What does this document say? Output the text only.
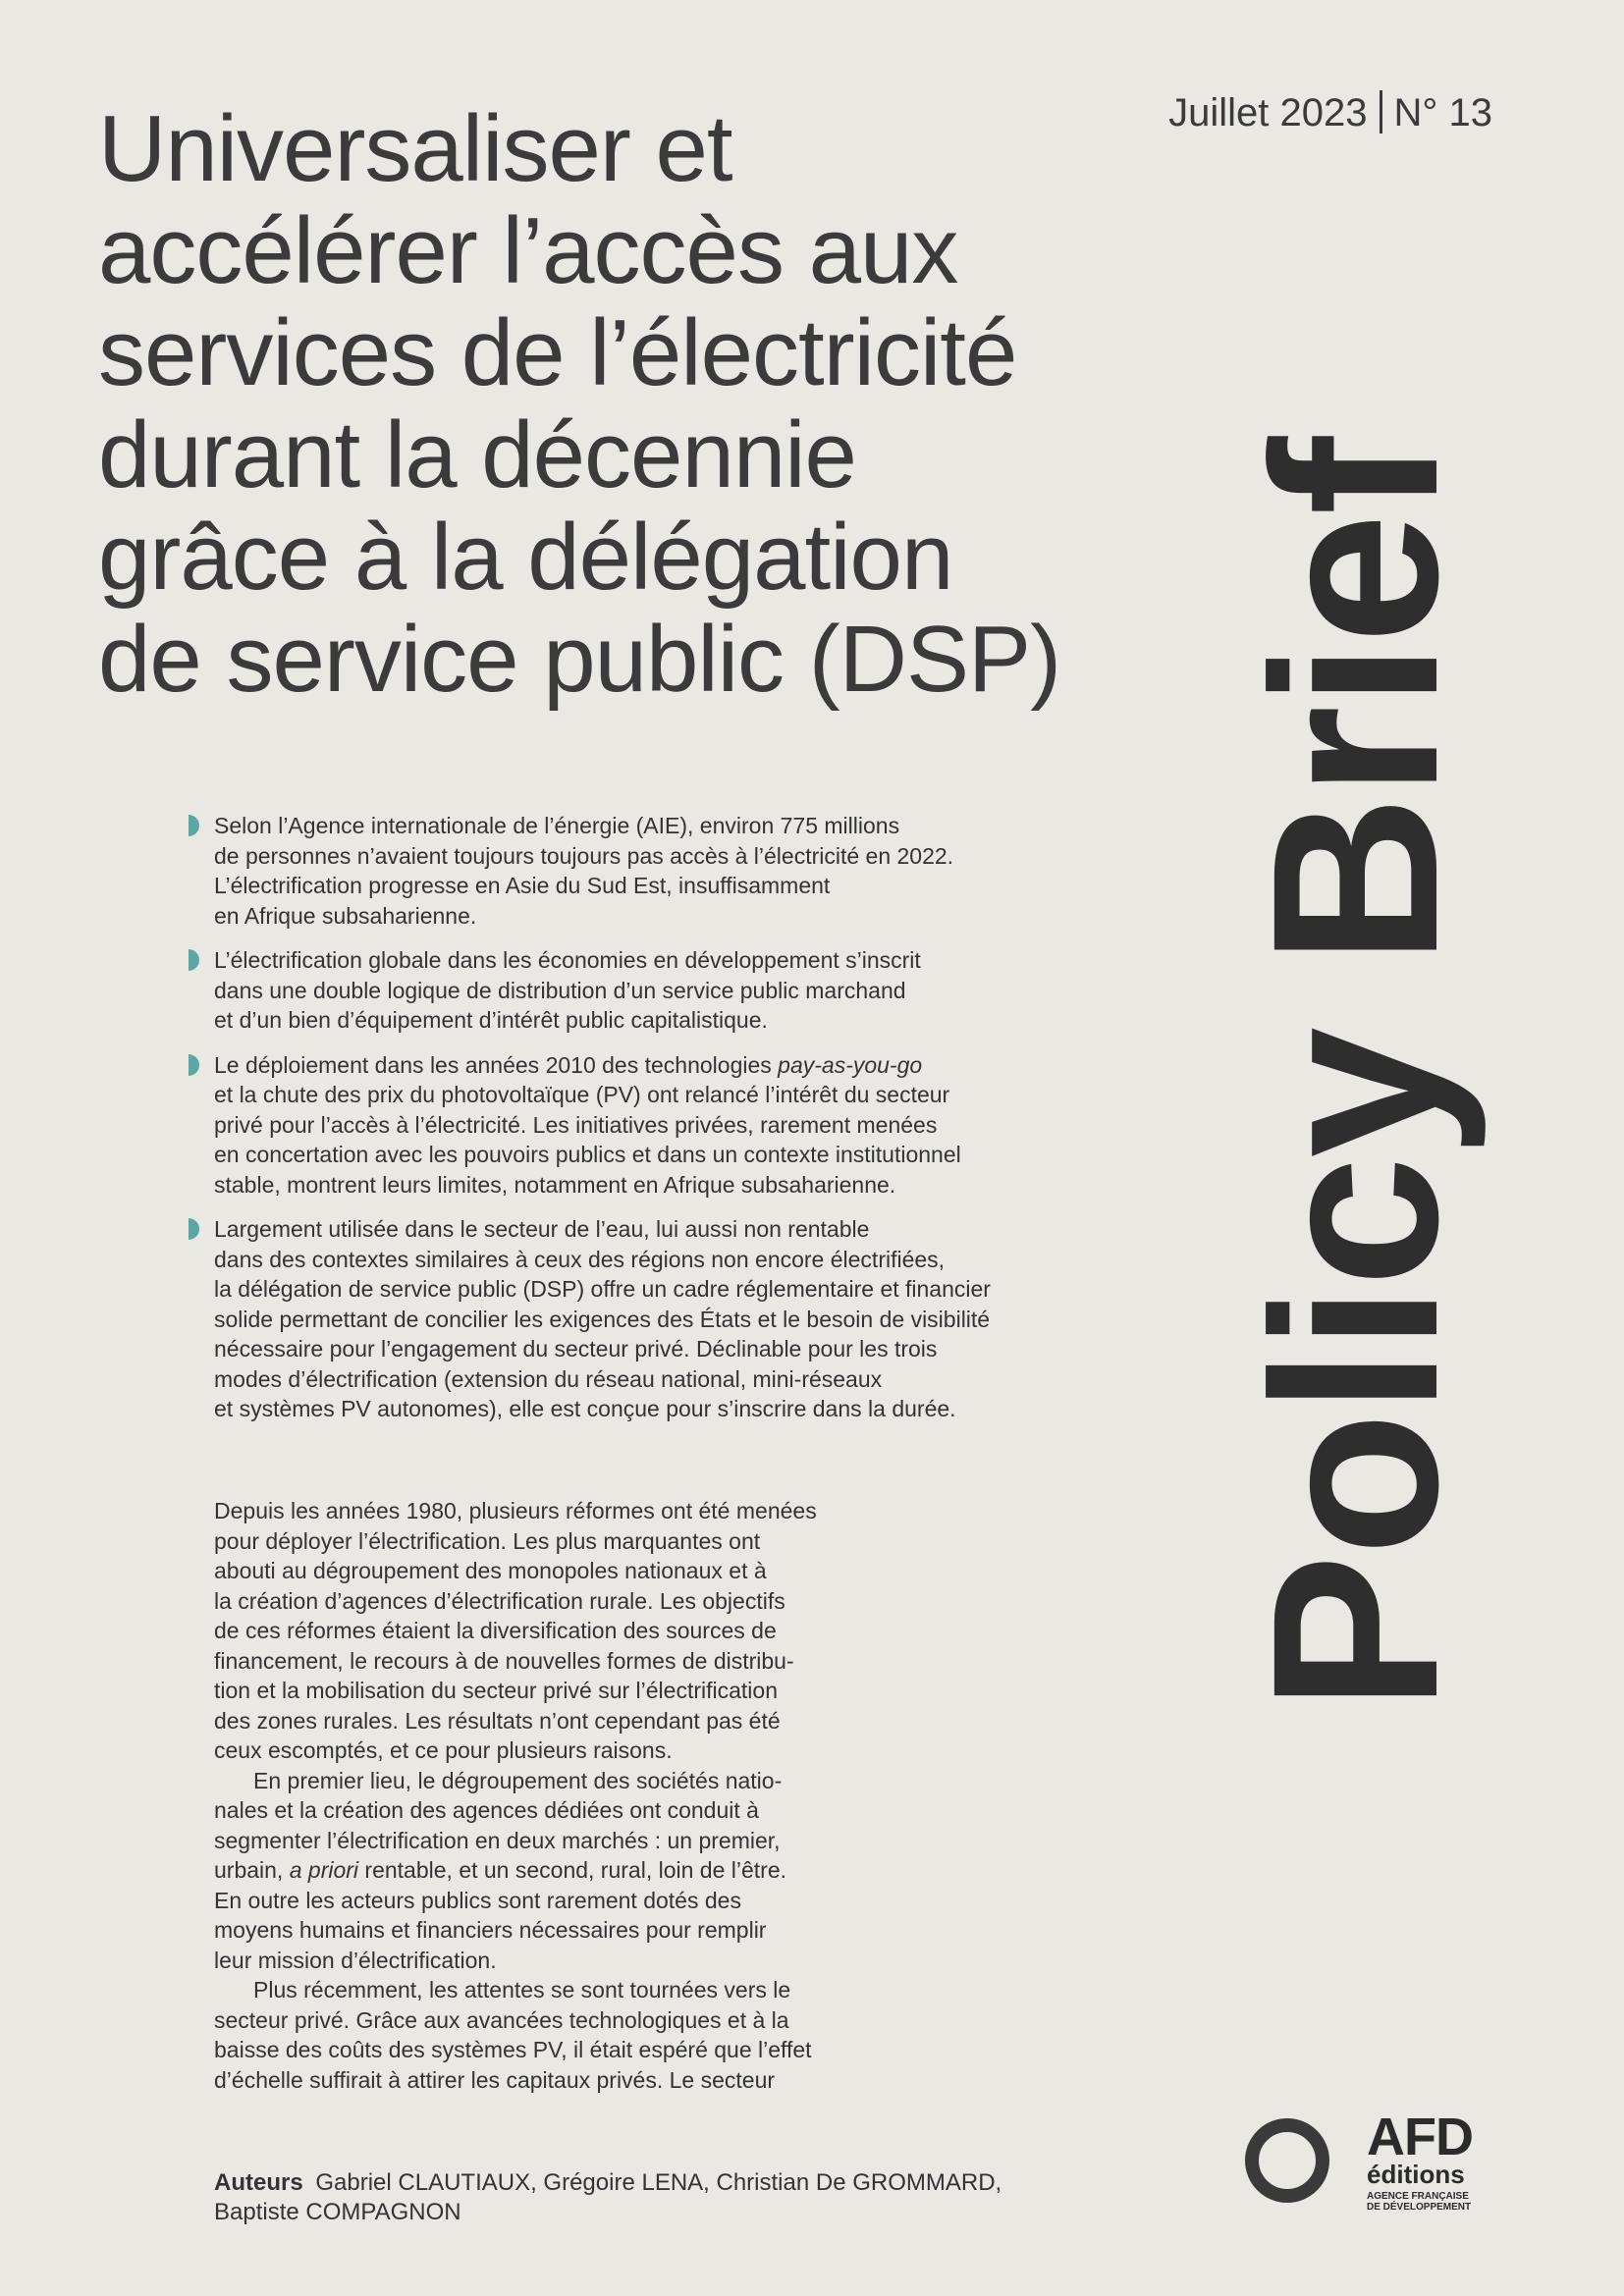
Juillet 2023 N° 13
Universaliser et
accélérer l’accès aux
services de l’électricité
durant la décennie
grâce à la délégation
de service public (DSP) Policy Brief
Selon l’Agence internationale de l’énergie (AIE), environ 775 millions
de personnes n’avaient toujours toujours pas accès à l’électricité en 2022.
L’électrification progresse en Asie du Sud Est, insuffisamment
en Afrique subsaharienne.
L’électrification globale dans les économies en développement s’inscrit
dans une double logique de distribution d’un service public marchand
et d’un bien d’équipement d’intérêt public capitalistique.
Le déploiement dans les années 2010 des technologies pay-as-you-go
et la chute des prix du photovoltaïque (PV) ont relancé l’intérêt du secteur
privé pour l’accès à l’électricité. Les initiatives privées, rarement menées
en concertation avec les pouvoirs publics et dans un contexte institutionnel
stable, montrent leurs limites, notamment en Afrique subsaharienne.
Largement utilisée dans le secteur de l’eau, lui aussi non rentable
dans des contextes similaires à ceux des régions non encore électrifiées,
la délégation de service public (DSP) offre un cadre réglementaire et financier
solide permettant de concilier les exigences des États et le besoin de visibilité
nécessaire pour l’engagement du secteur privé. Déclinable pour les trois
modes d’électrification (extension du réseau national, mini-réseaux
et systèmes PV autonomes), elle est conçue pour s’inscrire dans la durée.

Depuis les années 1980, plusieurs réformes ont été menées
pour déployer l’électrification. Les plus marquantes ont
abouti au dégroupement des monopoles nationaux et à
la création d’agences d’électrification rurale. Les objectifs
de ces réformes étaient la diversification des sources de
financement, le recours à de nouvelles formes de distribu-
tion et la mobilisation du secteur privé sur l’électrification
des zones rurales. Les résultats n’ont cependant pas été
ceux escomptés, et ce pour plusieurs raisons.

En premier lieu, le dégroupement des sociétés natio-
nales et la création des agences dédiées ont conduit à
segmenter l’électrification en deux marchés : un premier,
urbain, a priori rentable, et un second, rural, loin de l’être.
En outre les acteurs publics sont rarement dotés des
moyens humains et financiers nécessaires pour remplir
leur mission d’électrification.

Plus récemment, les attentes se sont tournées vers le
secteur privé. Grâce aux avancées technologiques et à la
baisse des coûts des systèmes PV, il était espéré que l’effet
d’échelle suffirait à attirer les capitaux privés. Le secteur

Auteurs Gabriel CLAUTIAUX, Grégoire LENA, Christian De GROMMARD,
Baptiste COMPAGNON
AFD
éditions
AGENCE FRANÇAISE
DE DÉVELOPPEMENT
